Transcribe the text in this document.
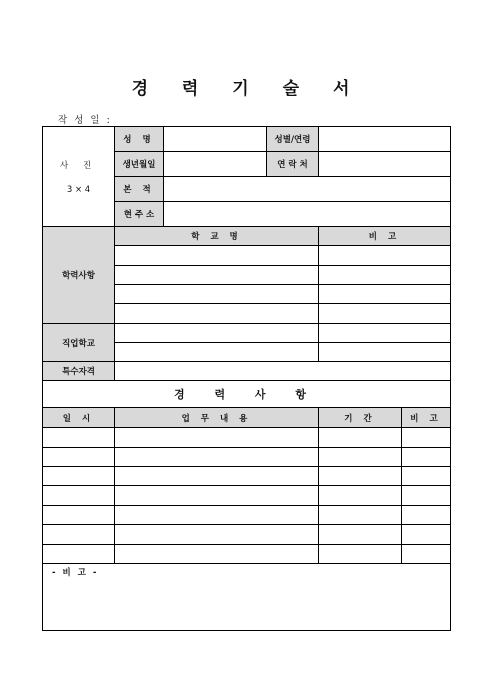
경 력 기 술 서
작 성 일 :
사 진
3 × 4
성 명	성별/연령
생년월일	연 락 처
본 적
현 주 소
학력사항
학 교 명	비 고
직업학교
특수자격
경 력 사 항
일 시	업 무 내 용	기 간	비 고
- 비 고 -
